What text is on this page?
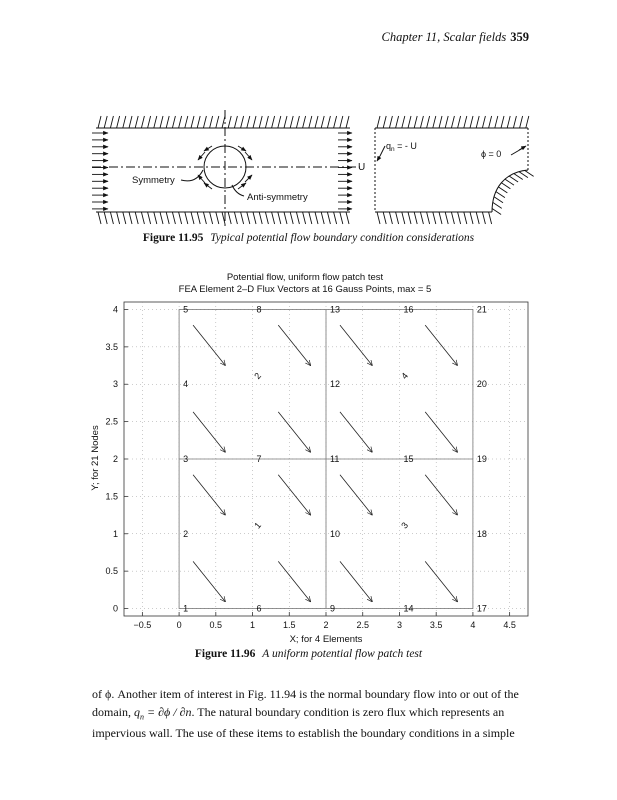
Chapter 11, Scalar fields 359
U
Symmetry
Anti-symmetry
$q_n$ = - U
ϕ = 0
Figure 11.95 Typical potential flow boundary condition considerations
Potential flow, uniform flow patch test
FEA Element 2–D Flux Vectors at 16 Gauss Points, max = 5
1
2
3
4
5
6
7
8
9
10
11
12
13
14
15
16
17
18
19
20
21
1
2
3
4
−0.5	0	0.5	1	1.5	2	2.5	3	3.5	4	4.5
0
0.5
1
1.5
2
2.5
3
3.5
4
X; for 4 Elements
Y; for 21 Nodes
Figure 11.96 A uniform potential flow patch test

of ϕ. Another item of interest in Fig. 11.94 is the normal boundary flow into or out of the

domain, $q_n = \partial\phi / \partial n$. The natural boundary condition is zero flux which represents an

impervious wall. The use of these items to establish the boundary conditions in a simple
